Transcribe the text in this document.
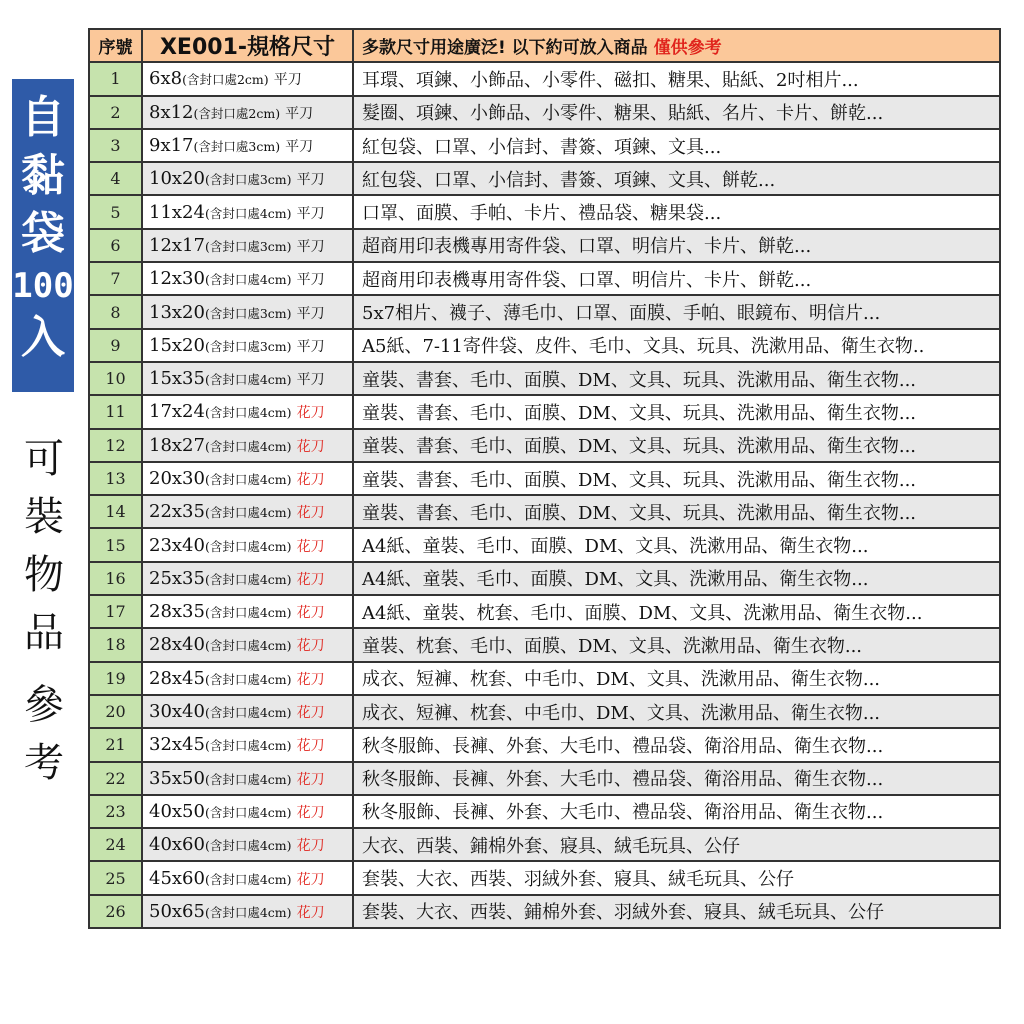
自
黏
袋
100
入
可
裝
物
品
參
考
序號	XE001-規格尺寸	多款尺寸用途廣泛! 以下約可放入商品 僅供參考
1	6x8(含封口處2cm) 平刀	耳環、項鍊、小飾品、小零件、磁扣、糖果、貼紙、2吋相片...
2	8x12(含封口處2cm) 平刀	髮圈、項鍊、小飾品、小零件、糖果、貼紙、名片、卡片、餅乾...
3	9x17(含封口處3cm) 平刀	紅包袋、口罩、小信封、書簽、項鍊、文具...
4	10x20(含封口處3cm) 平刀	紅包袋、口罩、小信封、書簽、項鍊、文具、餅乾...
5	11x24(含封口處4cm) 平刀	口罩、面膜、手帕、卡片、禮品袋、糖果袋...
6	12x17(含封口處3cm) 平刀	超商用印表機專用寄件袋、口罩、明信片、卡片、餅乾...
7	12x30(含封口處4cm) 平刀	超商用印表機專用寄件袋、口罩、明信片、卡片、餅乾...
8	13x20(含封口處3cm) 平刀	5x7相片、襪子、薄毛巾、口罩、面膜、手帕、眼鏡布、明信片...
9	15x20(含封口處3cm) 平刀	A5紙、7-11寄件袋、皮件、毛巾、文具、玩具、洗漱用品、衛生衣物..
10	15x35(含封口處4cm) 平刀	童裝、書套、毛巾、面膜、DM、文具、玩具、洗漱用品、衛生衣物...
11	17x24(含封口處4cm) 花刀	童裝、書套、毛巾、面膜、DM、文具、玩具、洗漱用品、衛生衣物...
12	18x27(含封口處4cm) 花刀	童裝、書套、毛巾、面膜、DM、文具、玩具、洗漱用品、衛生衣物...
13	20x30(含封口處4cm) 花刀	童裝、書套、毛巾、面膜、DM、文具、玩具、洗漱用品、衛生衣物...
14	22x35(含封口處4cm) 花刀	童裝、書套、毛巾、面膜、DM、文具、玩具、洗漱用品、衛生衣物...
15	23x40(含封口處4cm) 花刀	A4紙、童裝、毛巾、面膜、DM、文具、洗漱用品、衛生衣物...
16	25x35(含封口處4cm) 花刀	A4紙、童裝、毛巾、面膜、DM、文具、洗漱用品、衛生衣物...
17	28x35(含封口處4cm) 花刀	A4紙、童裝、枕套、毛巾、面膜、DM、文具、洗漱用品、衛生衣物...
18	28x40(含封口處4cm) 花刀	童裝、枕套、毛巾、面膜、DM、文具、洗漱用品、衛生衣物...
19	28x45(含封口處4cm) 花刀	成衣、短褲、枕套、中毛巾、DM、文具、洗漱用品、衛生衣物...
20	30x40(含封口處4cm) 花刀	成衣、短褲、枕套、中毛巾、DM、文具、洗漱用品、衛生衣物...
21	32x45(含封口處4cm) 花刀	秋冬服飾、長褲、外套、大毛巾、禮品袋、衛浴用品、衛生衣物...
22	35x50(含封口處4cm) 花刀	秋冬服飾、長褲、外套、大毛巾、禮品袋、衛浴用品、衛生衣物...
23	40x50(含封口處4cm) 花刀	秋冬服飾、長褲、外套、大毛巾、禮品袋、衛浴用品、衛生衣物...
24	40x60(含封口處4cm) 花刀	大衣、西裝、鋪棉外套、寢具、絨毛玩具、公仔
25	45x60(含封口處4cm) 花刀	套裝、大衣、西裝、羽絨外套、寢具、絨毛玩具、公仔
26	50x65(含封口處4cm) 花刀	套裝、大衣、西裝、鋪棉外套、羽絨外套、寢具、絨毛玩具、公仔
